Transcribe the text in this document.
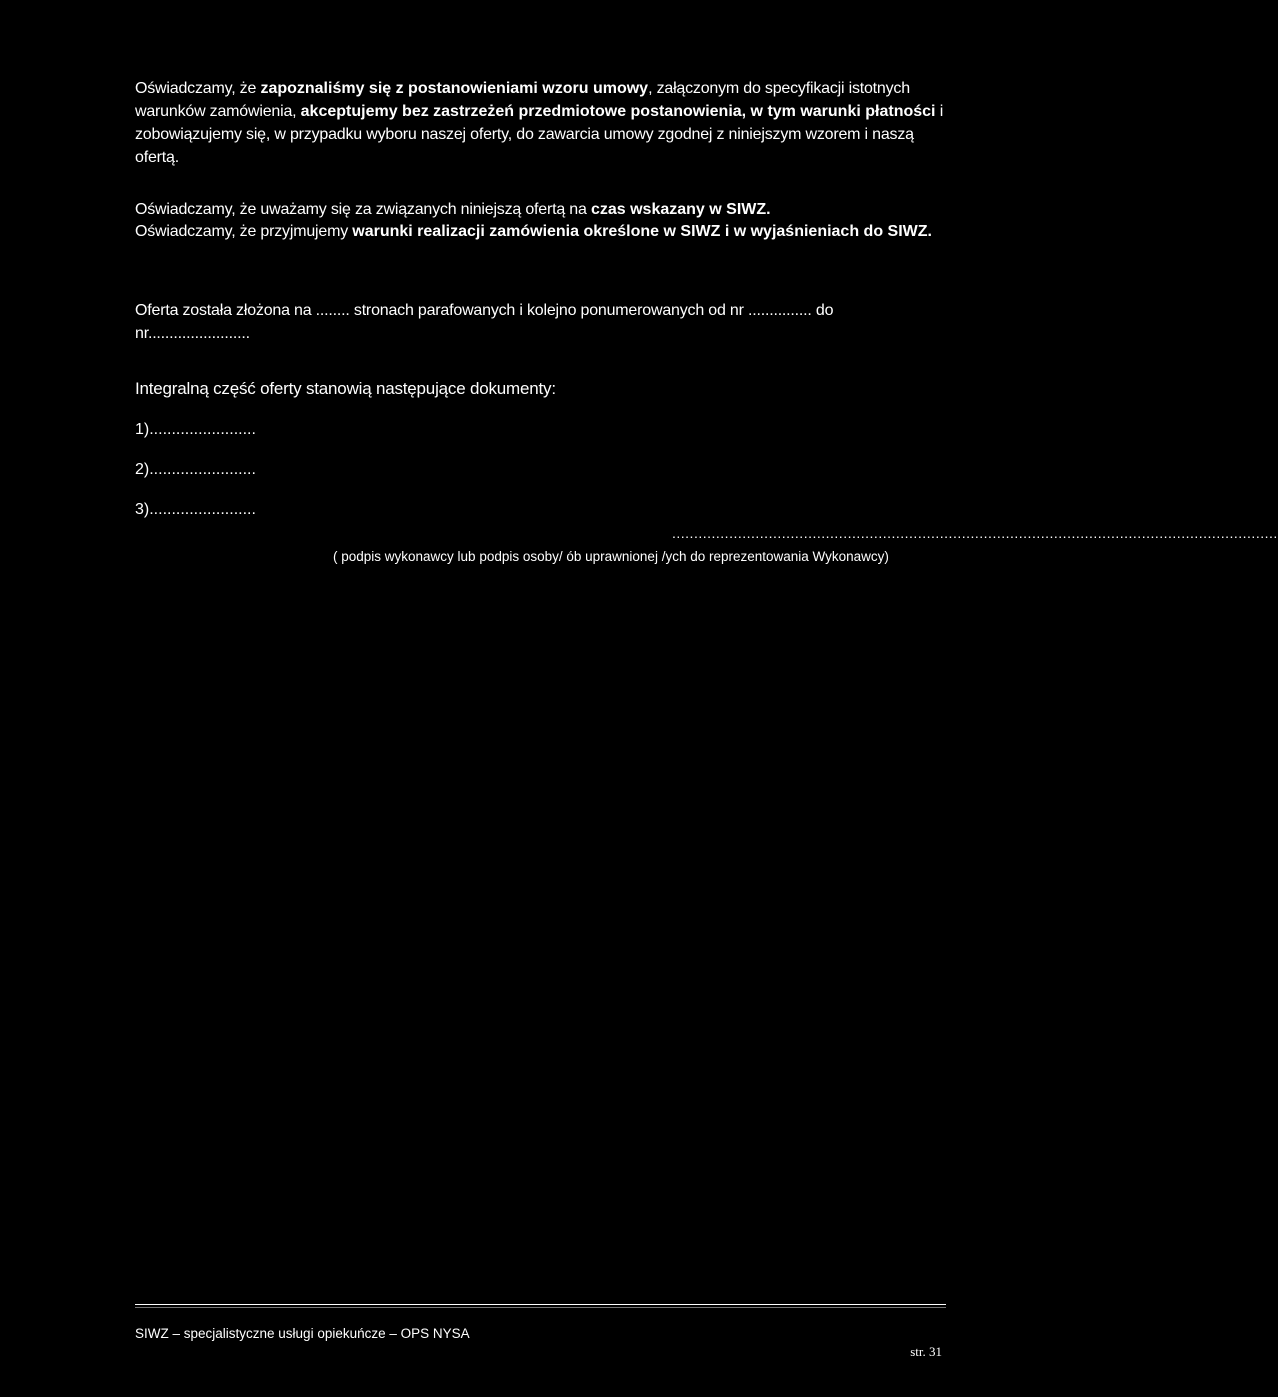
Oświadczamy, że zapoznaliśmy się z postanowieniami wzoru umowy, załączonym do specyfikacji istotnych warunków zamówienia, akceptujemy bez zastrzeżeń przedmiotowe postanowienia, w tym warunki płatności i zobowiązujemy się, w przypadku wyboru naszej oferty, do zawarcia umowy zgodnej z niniejszym wzorem i naszą ofertą.

Oświadczamy, że uważamy się za związanych niniejszą ofertą na czas wskazany w SIWZ.

Oświadczamy, że przyjmujemy warunki realizacji zamówienia określone w SIWZ i w wyjaśnieniach do SIWZ.

Oferta została złożona na ........ stronach parafowanych i kolejno ponumerowanych od nr ............... do nr........................

Integralną część oferty stanowią następujące dokumenty:

1)........................

2)........................

3)........................

..........................................................................................................................................
( podpis wykonawcy lub podpis osoby/ ób uprawnionej /ych do reprezentowania Wykonawcy)
SIWZ – specjalistyczne usługi opiekuńcze – OPS NYSA
str. 31
